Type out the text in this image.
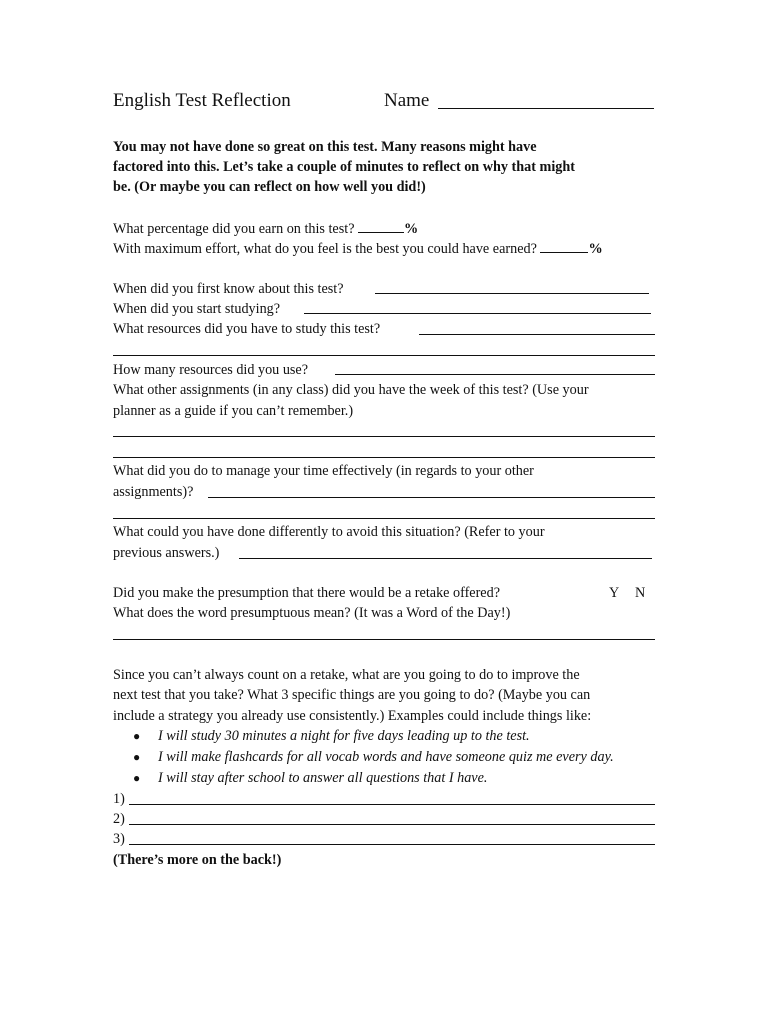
English Test Reflection	Name
You may not have done so great on this test. Many reasons might have
factored into this. Let’s take a couple of minutes to reflect on why that might
be. (Or maybe you can reflect on how well you did!)
What percentage did you earn on this test?	%
With maximum effort, what do you feel is the best you could have earned?	%
When did you first know about this test?
When did you start studying?
What resources did you have to study this test?
How many resources did you use?
What other assignments (in any class) did you have the week of this test? (Use your
planner as a guide if you can’t remember.)
What did you do to manage your time effectively (in regards to your other
assignments)?
What could you have done differently to avoid this situation? (Refer to your
previous answers.)
Did you make the presumption that there would be a retake offered?	Y N
What does the word presumptuous mean? (It was a Word of the Day!)
Since you can’t always count on a retake, what are you going to do to improve the
next test that you take? What 3 specific things are you going to do? (Maybe you can
include a strategy you already use consistently.) Examples could include things like:
● I will study 30 minutes a night for five days leading up to the test.
● I will make flashcards for all vocab words and have someone quiz me every day.
● I will stay after school to answer all questions that I have.
1)
2)
3)
(There’s more on the back!)
